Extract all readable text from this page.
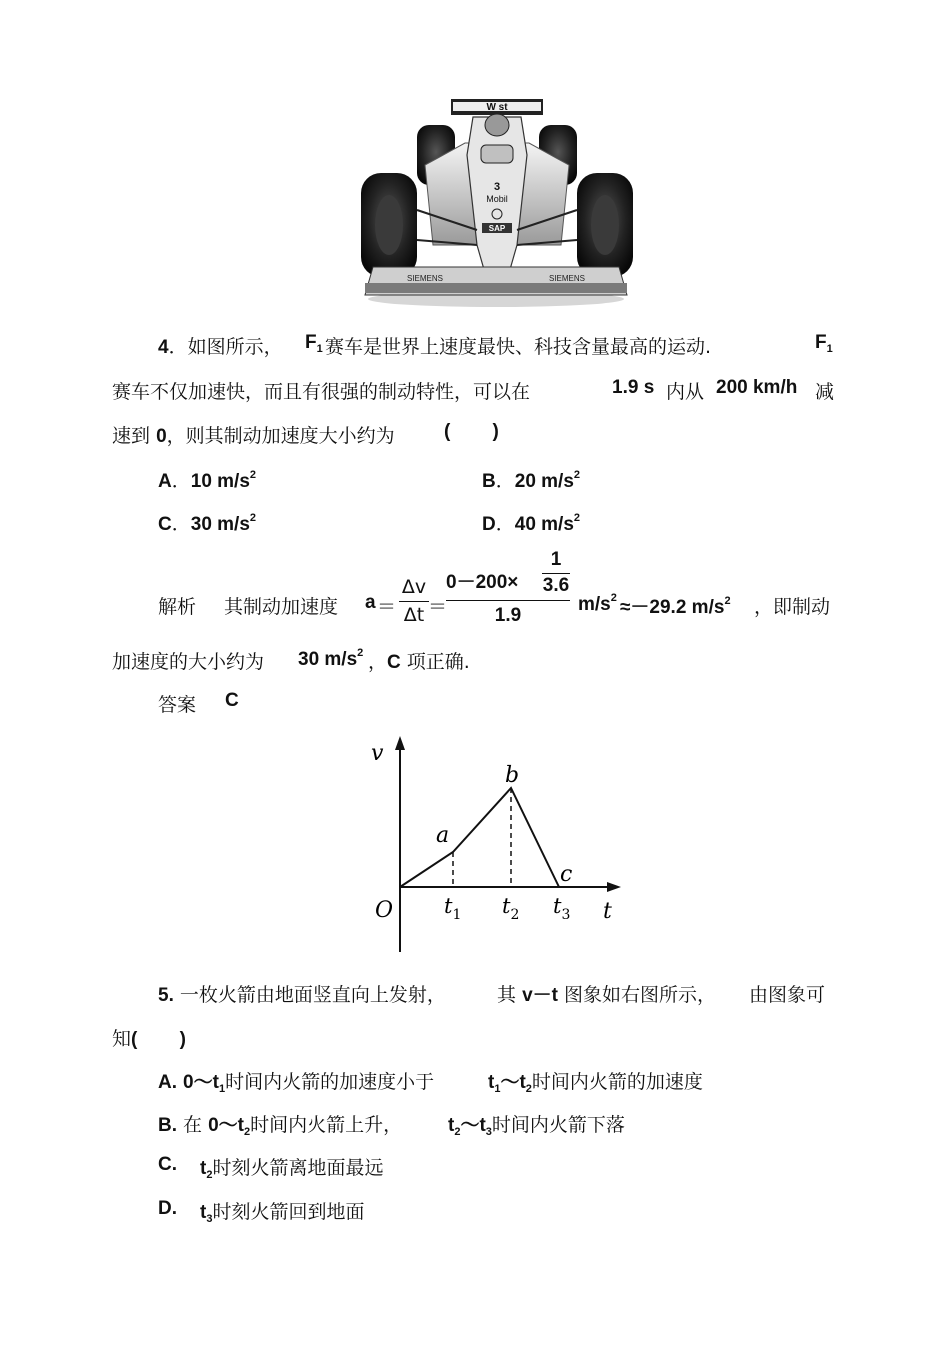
W st
3
Mobil
SAP
SIEMENS	SIEMENS
4．如图所示， $F_1$ 赛车是世界上速度最快、科技含量最高的运动.	$F_1$
赛车不仅加速快，而且有很强的制动特性，可以在	1.9 s 内从 200 km/h 减
速到 0，则其制动加速度大小约为	(        )
A．10 $m/s^2$	B．20 $m/s^2$
C．30 $m/s^2$	D．40 $m/s^2$
解析 其制动加速度 a ＝
Δv
Δt ＝
0－200×
1
3.6
1.9
$m/s^2 \approx-29.2$ $m/s^2$ ，即制动
加速度的大小约为 30 $m/s^2$ ，C 项正确.
答案 C
v
t
O
a
b
c
$t_1$ $t_2$ $t_3$
5. 一枚火箭由地面竖直向上发射，	其 v－t 图象如右图所示， 由图象可
知(        )
A. $0\sim t_1$时间内火箭的加速度小于	$t_1\sim t_2$时间内火箭的加速度
B. 在 $0\sim t_2$时间内火箭上升， $t_2\sim t_3$时间内火箭下落
C. $t_2$时刻火箭离地面最远
D. $t_3$时刻火箭回到地面
